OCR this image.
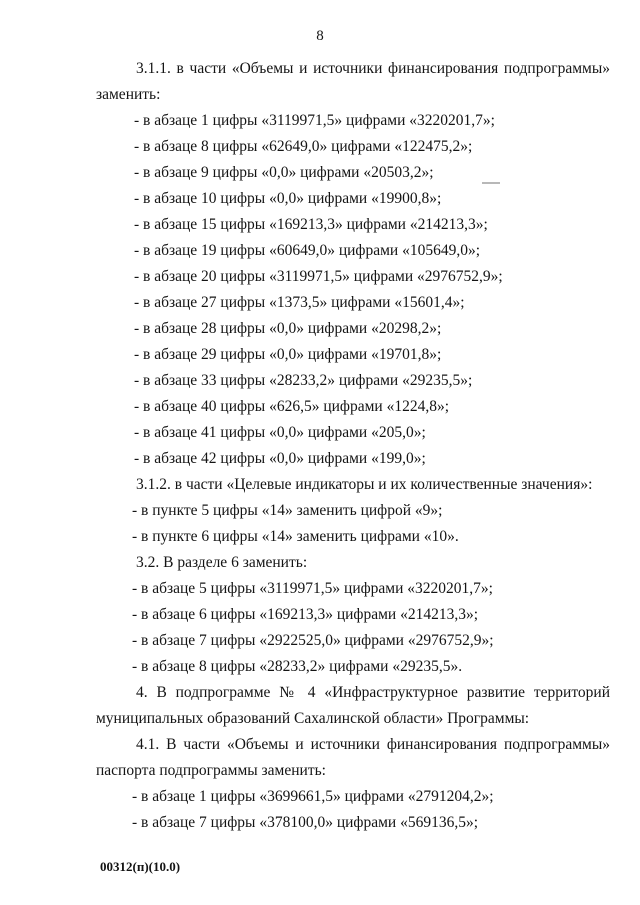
8
3.1.1. в части «Объемы и источники финансирования подпрограммы»
заменить:
- в абзаце 1 цифры «3119971,5» цифрами «3220201,7»;
- в абзаце 8 цифры «62649,0» цифрами «122475,2»;
- в абзаце 9 цифры «0,0» цифрами «20503,2»;
- в абзаце 10 цифры «0,0» цифрами «19900,8»;
- в абзаце 15 цифры «169213,3» цифрами «214213,3»;
- в абзаце 19 цифры «60649,0» цифрами «105649,0»;
- в абзаце 20 цифры «3119971,5» цифрами «2976752,9»;
- в абзаце 27 цифры «1373,5» цифрами «15601,4»;
- в абзаце 28 цифры «0,0» цифрами «20298,2»;
- в абзаце 29 цифры «0,0» цифрами «19701,8»;
- в абзаце 33 цифры «28233,2» цифрами «29235,5»;
- в абзаце 40 цифры «626,5» цифрами «1224,8»;
- в абзаце 41 цифры «0,0» цифрами «205,0»;
- в абзаце 42 цифры «0,0» цифрами «199,0»;
3.1.2. в части «Целевые индикаторы и их количественные значения»:
- в пункте 5 цифры «14» заменить цифрой «9»;
- в пункте 6 цифры «14» заменить цифрами «10».
3.2. В разделе 6 заменить:
- в абзаце 5 цифры «3119971,5» цифрами «3220201,7»;
- в абзаце 6 цифры «169213,3» цифрами «214213,3»;
- в абзаце 7 цифры «2922525,0» цифрами «2976752,9»;
- в абзаце 8 цифры «28233,2» цифрами «29235,5».
4. В подпрограмме № 4 «Инфраструктурное развитие территорий
муниципальных образований Сахалинской области» Программы:
4.1. В части «Объемы и источники финансирования подпрограммы»
паспорта подпрограммы заменить:
- в абзаце 1 цифры «3699661,5» цифрами «2791204,2»;
- в абзаце 7 цифры «378100,0» цифрами «569136,5»;
00312(п)(10.0)
